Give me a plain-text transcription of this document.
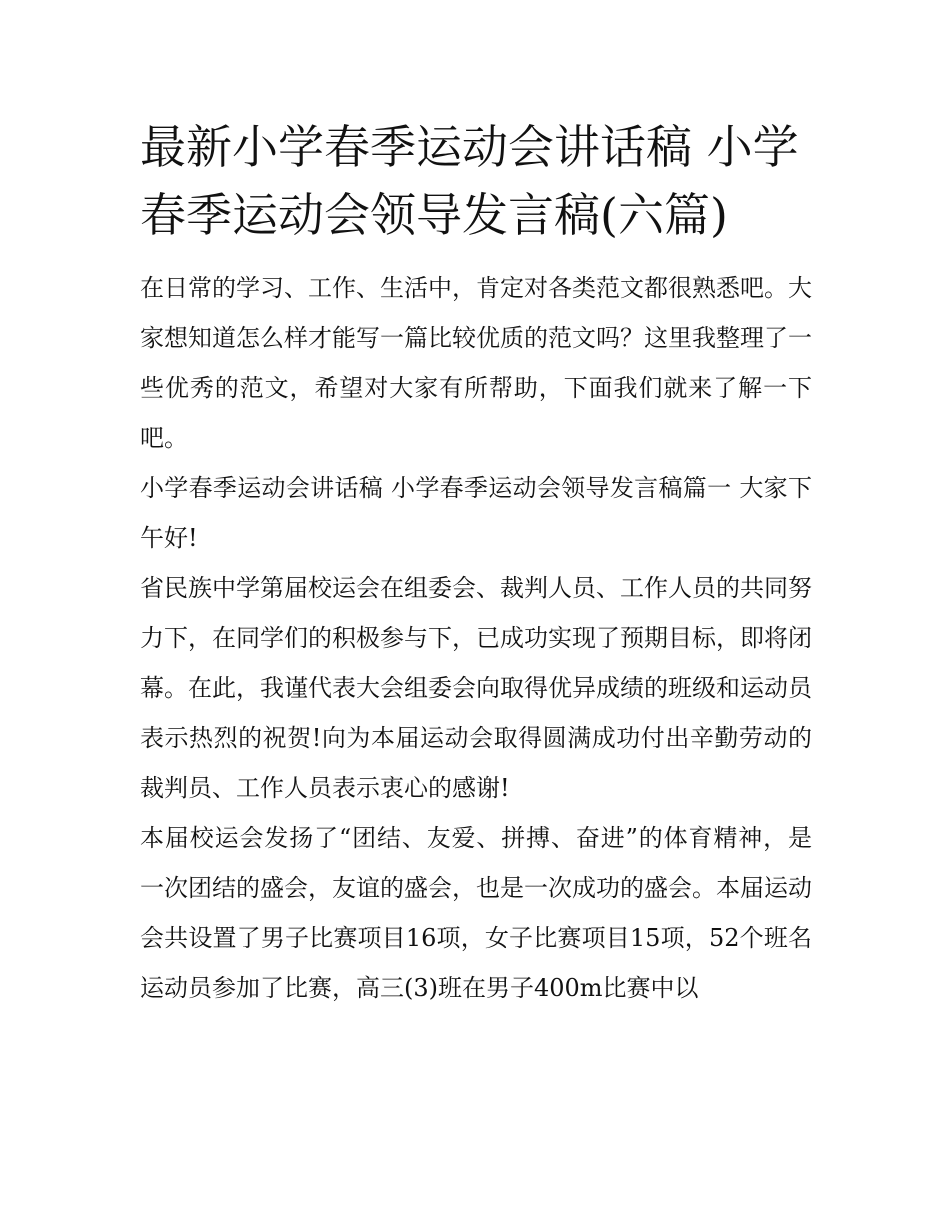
最新小学春季运动会讲话稿 小学春季运动会领导发言稿(六篇)

在日常的学习、工作、生活中，肯定对各类范文都很熟悉吧。大家想知道怎么样才能写一篇比较优质的范文吗？这里我整理了一些优秀的范文，希望对大家有所帮助，下面我们就来了解一下吧。

小学春季运动会讲话稿 小学春季运动会领导发言稿篇一 大家下午好!

省民族中学第届校运会在组委会、裁判人员、工作人员的共同努力下，在同学们的积极参与下，已成功实现了预期目标，即将闭幕。在此，我谨代表大会组委会向取得优异成绩的班级和运动员表示热烈的祝贺!向为本届运动会取得圆满成功付出辛勤劳动的裁判员、工作人员表示衷心的感谢!

本届校运会发扬了“团结、友爱、拼搏、奋进”的体育精神，是一次团结的盛会，友谊的盛会，也是一次成功的盛会。本届运动会共设置了男子比赛项目16项，女子比赛项目15项，52个班名运动员参加了比赛，高三(3)班在男子400m比赛中以
